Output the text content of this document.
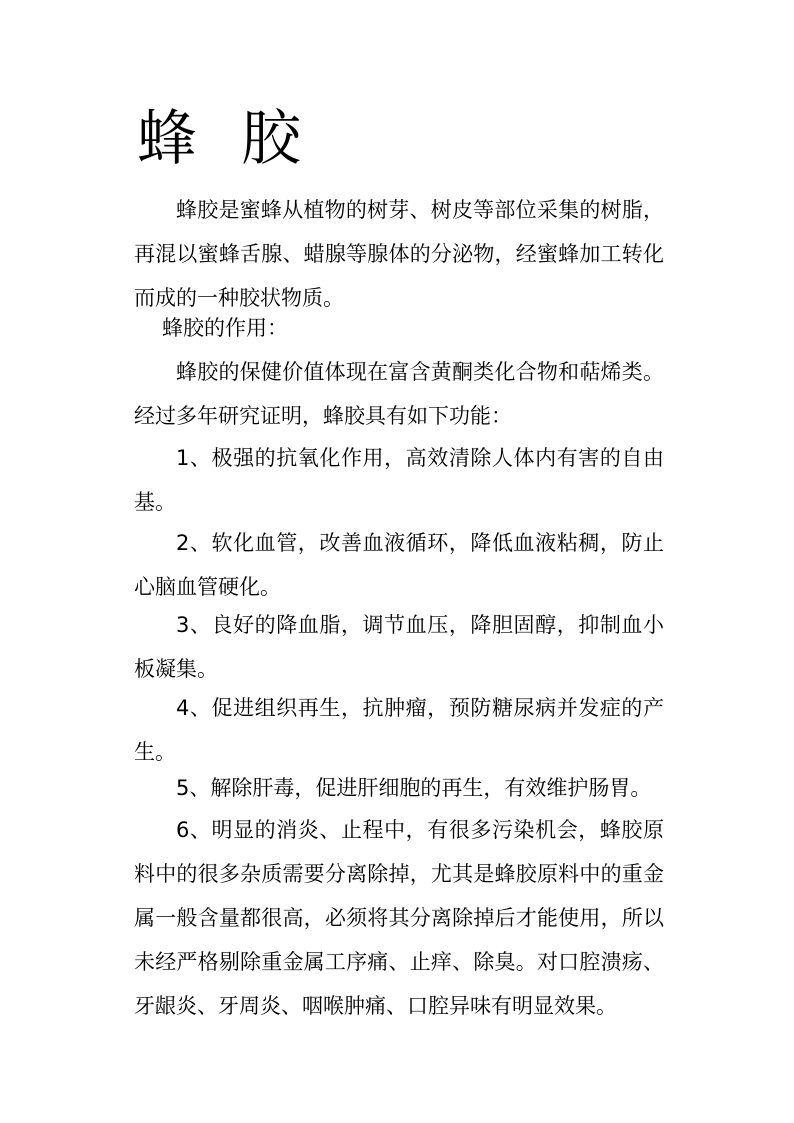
蜂 胶
蜂胶是蜜蜂从植物的树芽、树皮等部位采集的树脂，再混以蜜蜂舌腺、蜡腺等腺体的分泌物，经蜜蜂加工转化而成的一种胶状物质。
蜂胶的作用：
蜂胶的保健价值体现在富含黄酮类化合物和萜烯类。经过多年研究证明，蜂胶具有如下功能：
1、极强的抗氧化作用，高效清除人体内有害的自由基。
2、软化血管，改善血液循环，降低血液粘稠，防止心脑血管硬化。
3、良好的降血脂，调节血压，降胆固醇，抑制血小板凝集。
4、促进组织再生，抗肿瘤，预防糖尿病并发症的产生。
5、解除肝毒，促进肝细胞的再生，有效维护肠胃。
6、明显的消炎、止程中，有很多污染机会，蜂胶原料中的很多杂质需要分离除掉，尤其是蜂胶原料中的重金属一般含量都很高，必须将其分离除掉后才能使用，所以未经严格剔除重金属工序痛、止痒、除臭。对口腔溃疡、牙龈炎、牙周炎、咽喉肿痛、口腔异味有明显效果。
